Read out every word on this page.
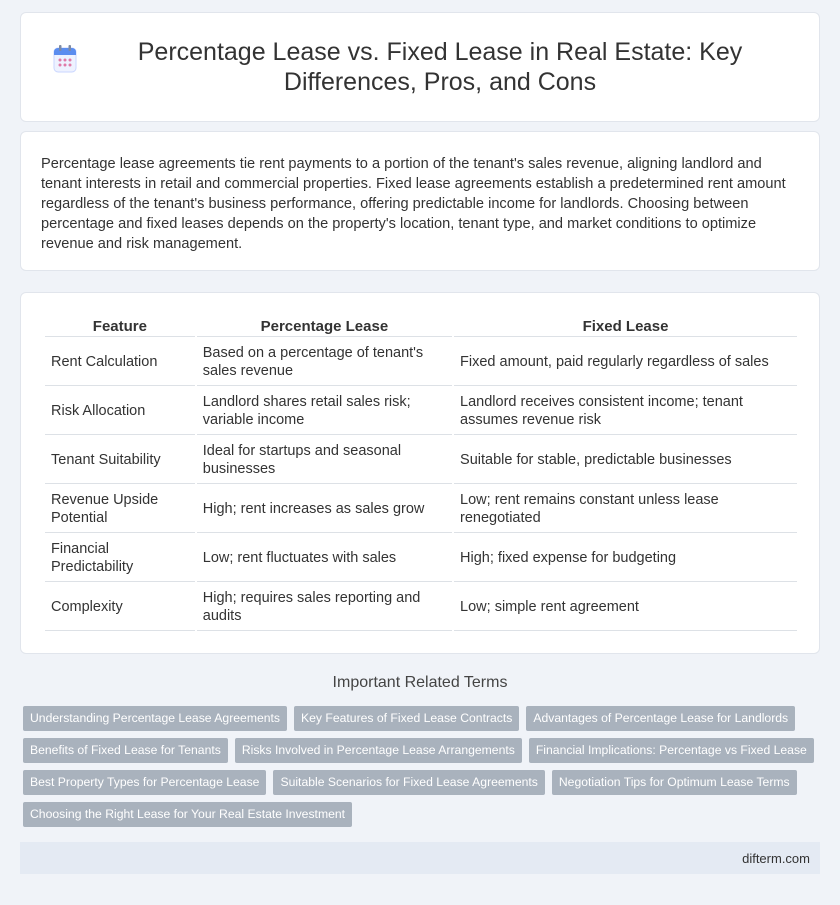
Percentage Lease vs. Fixed Lease in Real Estate: Key Differences, Pros, and Cons

Percentage lease agreements tie rent payments to a portion of the tenant's sales revenue, aligning landlord and tenant interests in retail and commercial properties. Fixed lease agreements establish a predetermined rent amount regardless of the tenant's business performance, offering predictable income for landlords. Choosing between percentage and fixed leases depends on the property's location, tenant type, and market conditions to optimize revenue and risk management.

Feature	Percentage Lease	Fixed Lease
Rent Calculation	Based on a percentage of tenant's sales revenue	Fixed amount, paid regularly regardless of sales
Risk Allocation	Landlord shares retail sales risk; variable income	Landlord receives consistent income; tenant assumes revenue risk
Tenant Suitability	Ideal for startups and seasonal businesses	Suitable for stable, predictable businesses
Revenue Upside Potential	High; rent increases as sales grow	Low; rent remains constant unless lease renegotiated
Financial Predictability	Low; rent fluctuates with sales	High; fixed expense for budgeting
Complexity	High; requires sales reporting and audits	Low; simple rent agreement
Important Related Terms
Understanding Percentage Lease Agreements	Key Features of Fixed Lease Contracts	Advantages of Percentage Lease for Landlords
Benefits of Fixed Lease for Tenants	Risks Involved in Percentage Lease Arrangements	Financial Implications: Percentage vs Fixed Lease
Best Property Types for Percentage Lease	Suitable Scenarios for Fixed Lease Agreements	Negotiation Tips for Optimum Lease Terms
Choosing the Right Lease for Your Real Estate Investment
difterm.com
